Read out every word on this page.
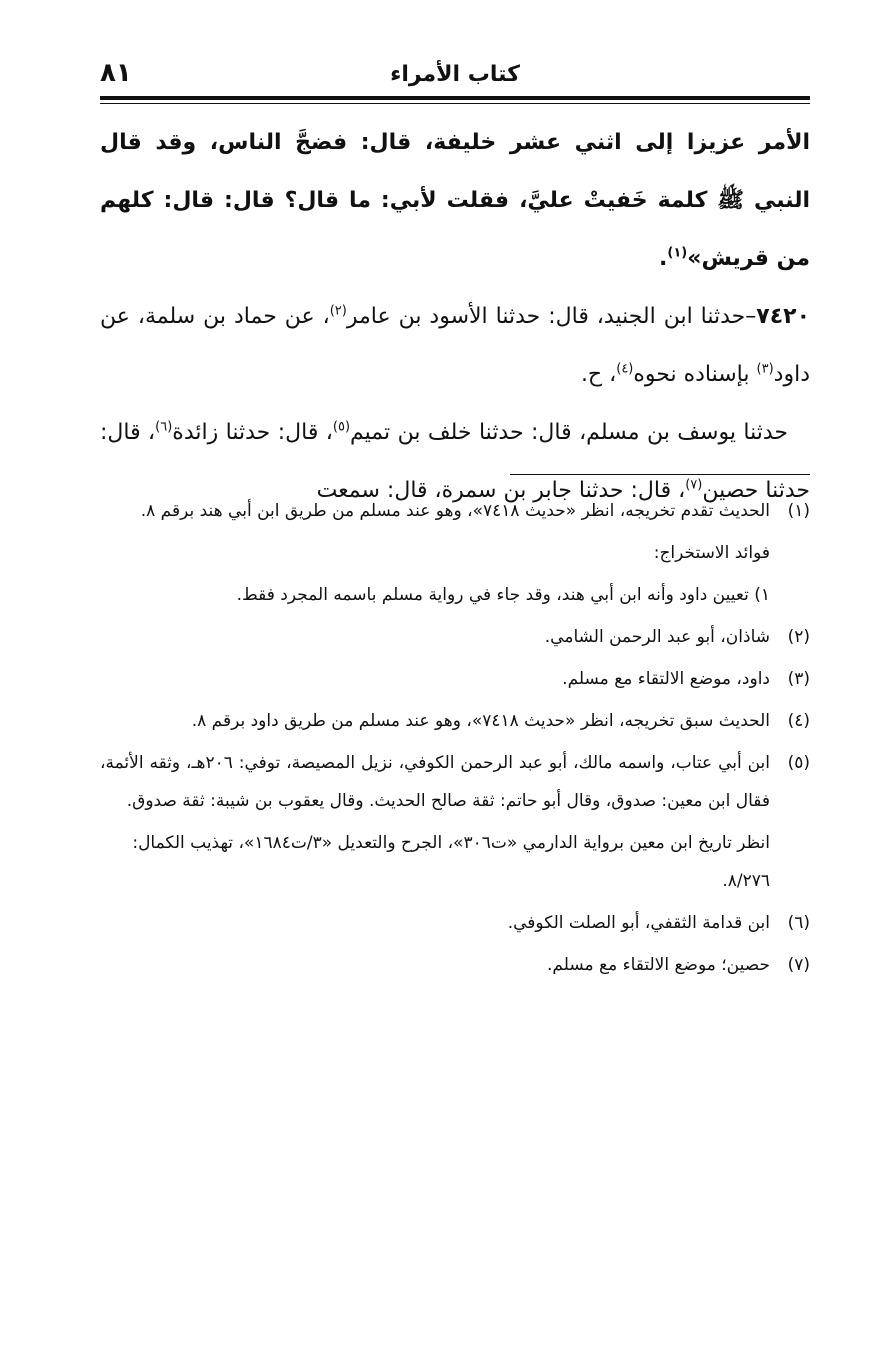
كتاب الأمراء
٨١

الأمر عزيزا إلى اثني عشر خليفة، قال: فضجَّ الناس، وقد قال النبي ﷺ كلمة خَفيتْ عليَّ، فقلت لأبي: ما قال؟ قال: قال: كلهم من قريش»$^{(١)}$.

٧٤٢٠–حدثنا ابن الجنيد، قال: حدثنا الأسود بن عامر$^{(٢)}$، عن حماد بن سلمة، عن داود$^{(٣)}$ بإسناده نحوه$^{(٤)}$، ح.

 حدثنا يوسف بن مسلم، قال: حدثنا خلف بن تميم$^{(٥)}$، قال: حدثنا زائدة$^{(٦)}$، قال: حدثنا حصين$^{(٧)}$، قال: حدثنا جابر بن سمرة، قال: سمعت

(١)
الحديث تقدم تخريجه، انظر «حديث ٧٤١٨»، وهو عند مسلم من طريق ابن أبي هند برقم ٨.
فوائد الاستخراج:
١) تعيين داود وأنه ابن أبي هند، وقد جاء في رواية مسلم باسمه المجرد فقط.
(٢)
شاذان، أبو عبد الرحمن الشامي.
(٣)
داود، موضع الالتقاء مع مسلم.
(٤)
الحديث سبق تخريجه، انظر «حديث ٧٤١٨»، وهو عند مسلم من طريق داود برقم ٨.
(٥)
ابن أبي عتاب، واسمه مالك، أبو عبد الرحمن الكوفي، نزيل المصيصة، توفي: ٢٠٦هـ، وثقه الأئمة، فقال ابن معين: صدوق، وقال أبو حاتم: ثقة صالح الحديث. وقال يعقوب بن شيبة: ثقة صدوق.
انظر تاريخ ابن معين برواية الدارمي «ت٣٠٦»، الجرح والتعديل «٣/ت١٦٨٤»، تهذيب الكمال: ٨/٢٧٦.
(٦)
ابن قدامة الثقفي، أبو الصلت الكوفي.
(٧)
حصين؛ موضع الالتقاء مع مسلم.
